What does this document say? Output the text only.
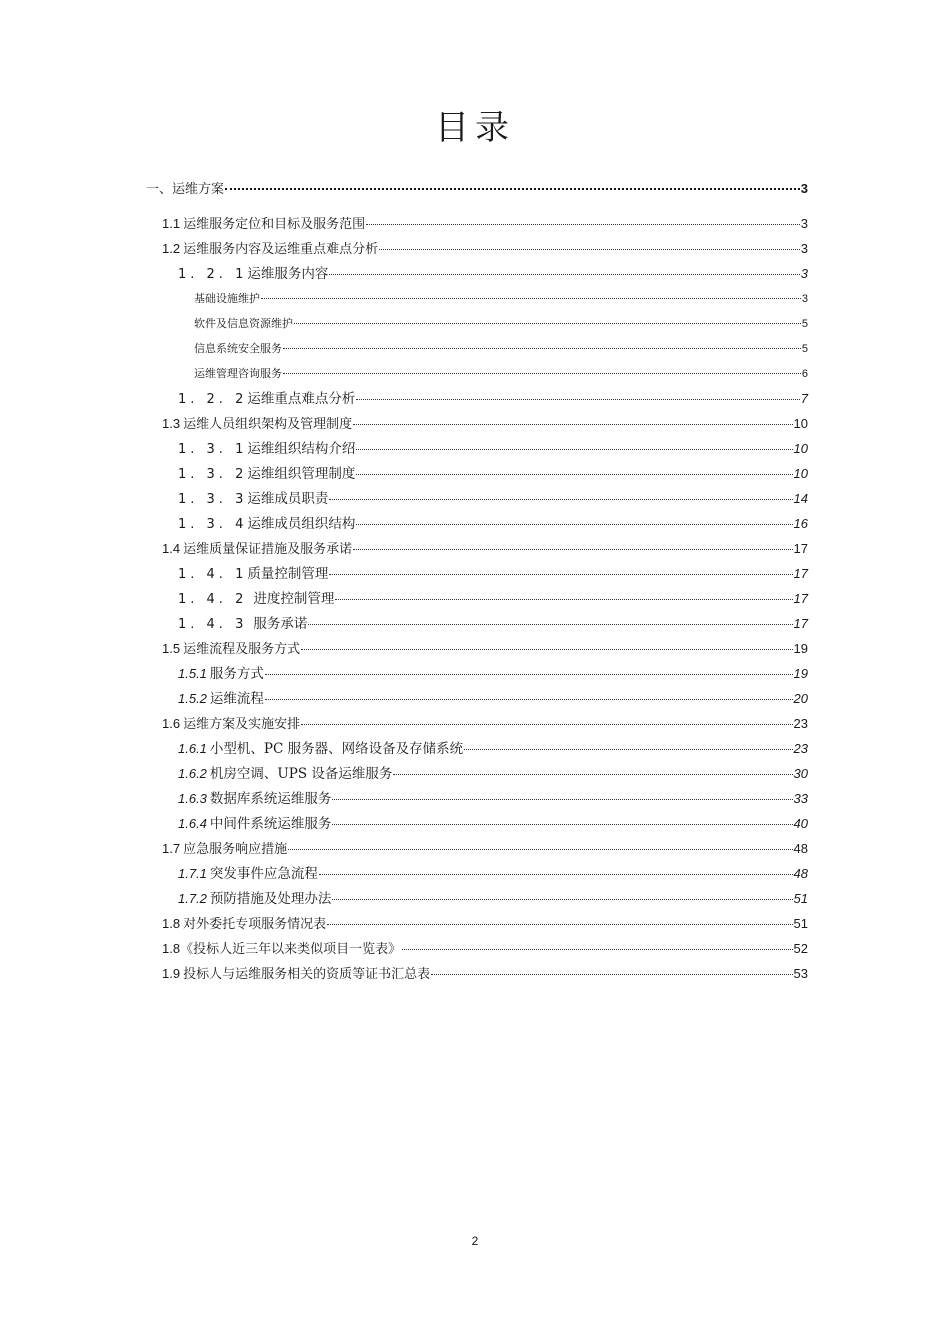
目录
一、运维方案	3
1.1 运维服务定位和目标及服务范围	3
1.2 运维服务内容及运维重点难点分析	3
1. 2. 1 运维服务内容	3
基础设施维护	3
软件及信息资源维护	5
信息系统安全服务	5
运维管理咨询服务	6
1. 2. 2 运维重点难点分析	7
1.3 运维人员组织架构及管理制度	10
1. 3. 1 运维组织结构介绍	10
1. 3. 2 运维组织管理制度	10
1. 3. 3 运维成员职责	14
1. 3. 4 运维成员组织结构	16
1.4 运维质量保证措施及服务承诺	17
1. 4. 1 质量控制管理	17
1. 4. 2 进度控制管理	17
1. 4. 3 服务承诺	17
1.5 运维流程及服务方式	19
1.5.1 服务方式	19
1.5.2 运维流程	20
1.6 运维方案及实施安排	23
1.6.1 小型机、PC 服务器、网络设备及存储系统	23
1.6.2 机房空调、UPS 设备运维服务	30
1.6.3 数据库系统运维服务	33
1.6.4 中间件系统运维服务	40
1.7 应急服务响应措施	48
1.7.1 突发事件应急流程	48
1.7.2 预防措施及处理办法	51
1.8 对外委托专项服务情况表	51
1.8 《投标人近三年以来类似项目一览表》	52
1.9 投标人与运维服务相关的资质等证书汇总表	53
2
